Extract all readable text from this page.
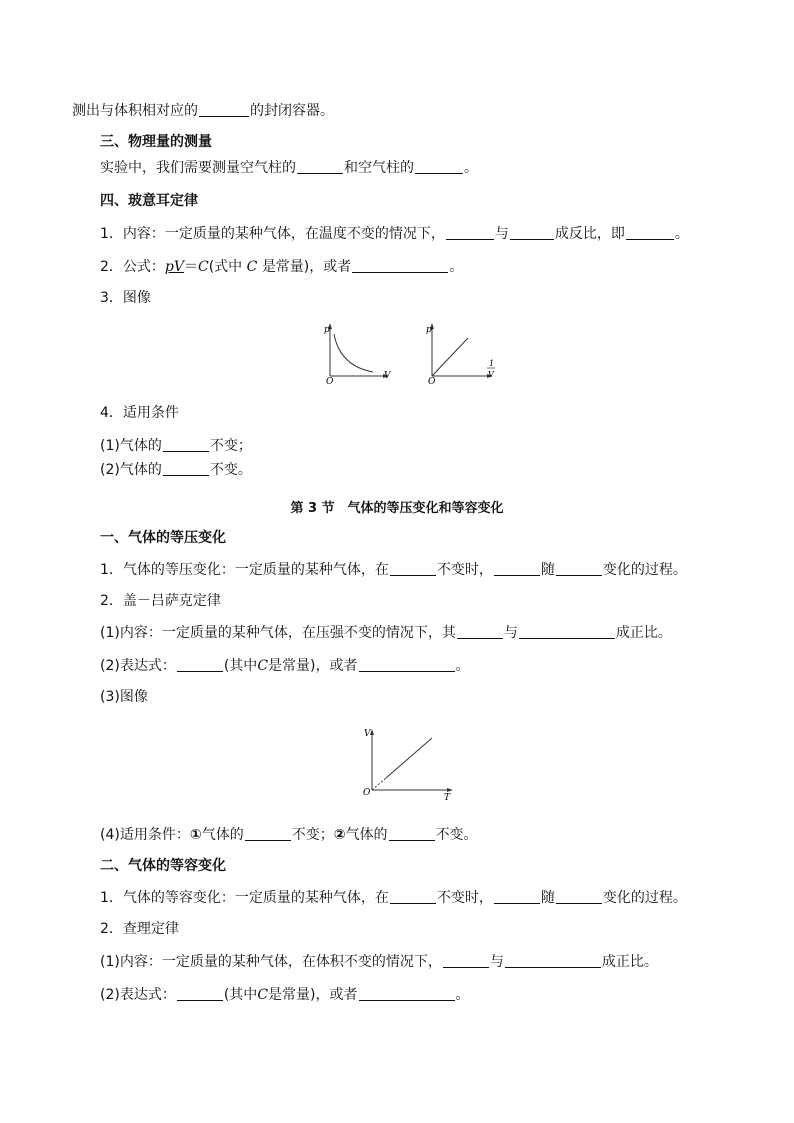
测出与体积相对应的	的封闭容器。
三、物理量的测量
实验中，我们需要测量空气柱的	和空气柱的	。
四、玻意耳定律
1．内容：一定质量的某种气体，在温度不变的情况下，	与	成反比，即	。
2．公式：pV＝C(式中 C 是常量)，或者	。
3．图像
p
V
O
p
1
V
O
4．适用条件
(1)气体的	不变；
(2)气体的	不变。
第 3 节　气体的等压变化和等容变化
一、气体的等压变化
1．气体的等压变化：一定质量的某种气体，在	不变时，	随	变化的过程。
2．盖－吕萨克定律
(1)内容：一定质量的某种气体，在压强不变的情况下，其	与	成正比。
(2)表达式：	(其中C是常量)，或者	。
(3)图像
V
T
O
(4)适用条件：①气体的	不变；②气体的	不变。
二、气体的等容变化
1．气体的等容变化：一定质量的某种气体，在	不变时，	随	变化的过程。
2．查理定律
(1)内容：一定质量的某种气体，在体积不变的情况下，	与	成正比。
(2)表达式：	(其中C是常量)，或者	。
